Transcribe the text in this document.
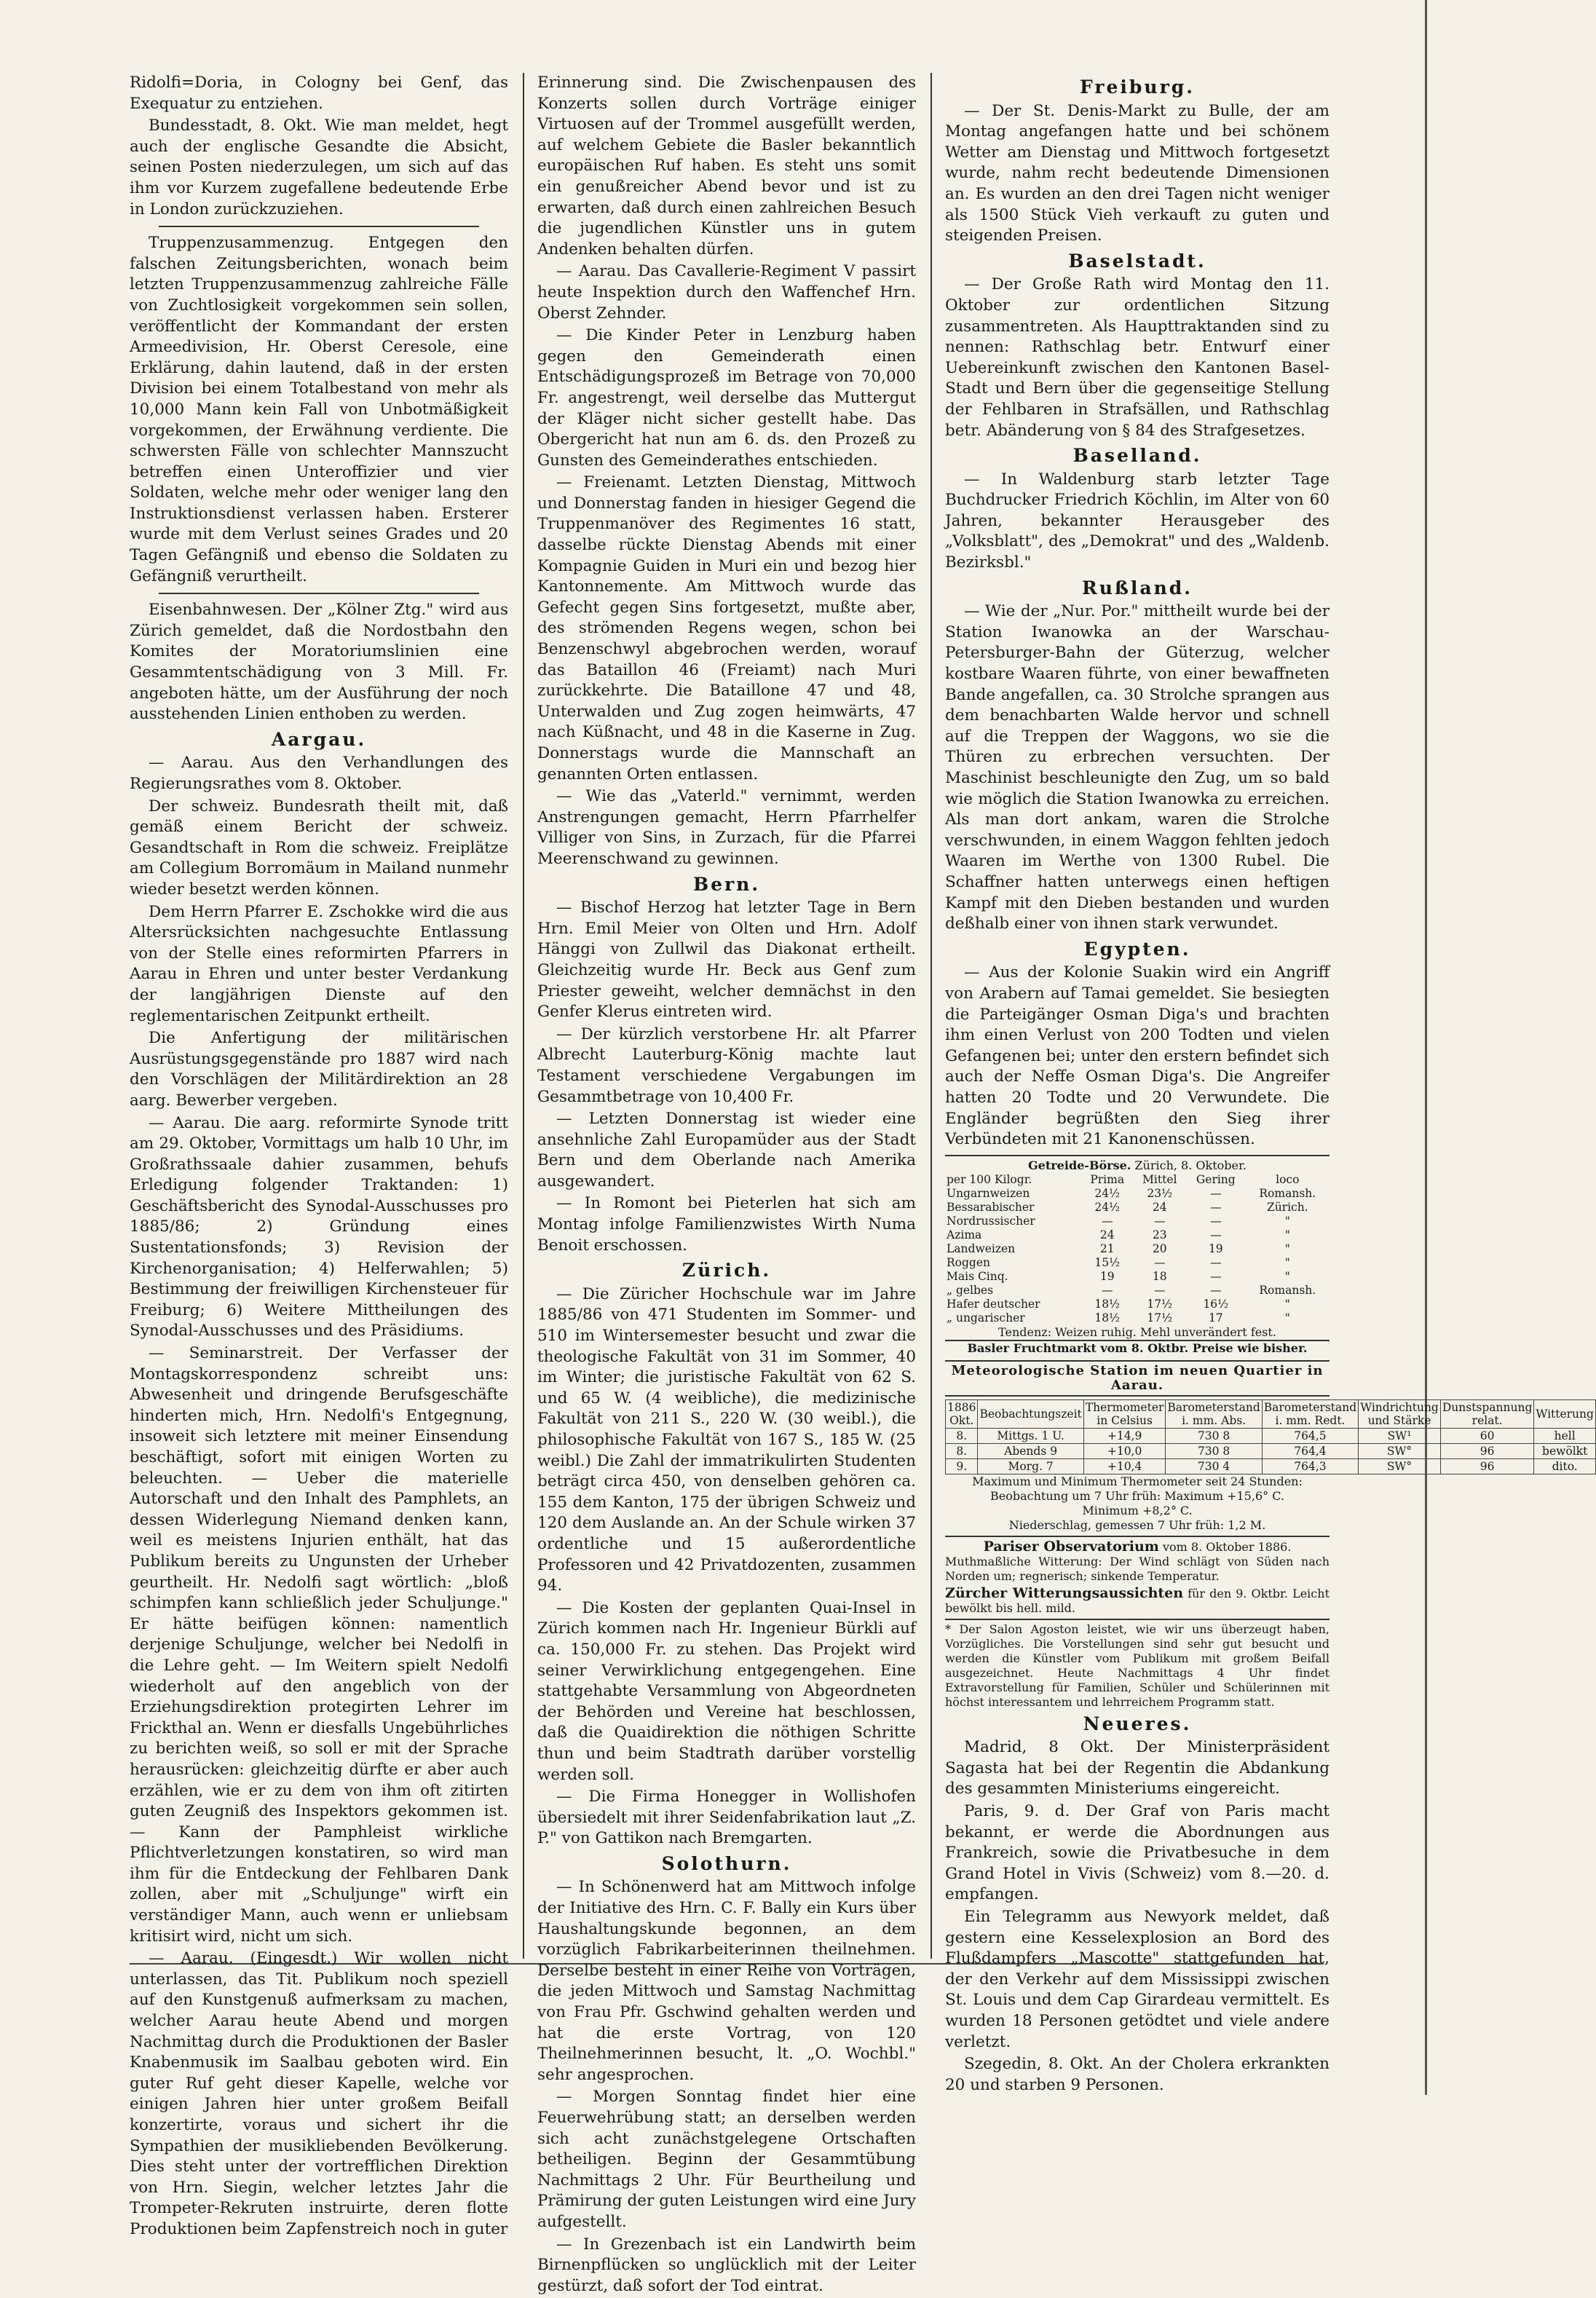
Ridolfi=Doria, in Cologny bei Genf, das Exequatur zu entziehen.

Bundesstadt, 8. Okt. Wie man meldet, hegt auch der englische Gesandte die Absicht, seinen Posten niederzulegen, um sich auf das ihm vor Kurzem zugefallene bedeutende Erbe in London zurückzuziehen.

Truppenzusammenzug. Entgegen den falschen Zeitungsberichten, wonach beim letzten Truppenzusammenzug zahlreiche Fälle von Zuchtlosigkeit vorgekommen sein sollen, veröffentlicht der Kommandant der ersten Armeedivision, Hr. Oberst Ceresole, eine Erklärung, dahin lautend, daß in der ersten Division bei einem Totalbestand von mehr als 10,000 Mann kein Fall von Unbotmäßigkeit vorgekommen, der Erwähnung verdiente. Die schwersten Fälle von schlechter Mannszucht betreffen einen Unteroffizier und vier Soldaten, welche mehr oder weniger lang den Instruktionsdienst verlassen haben. Ersterer wurde mit dem Verlust seines Grades und 20 Tagen Gefängniß und ebenso die Soldaten zu Gefängniß verurtheilt.

Eisenbahnwesen. Der „Kölner Ztg." wird aus Zürich gemeldet, daß die Nordostbahn den Komites der Moratoriumslinien eine Gesammtentschädigung von 3 Mill. Fr. angeboten hätte, um der Ausführung der noch ausstehenden Linien enthoben zu werden.

Aargau.

— Aarau. Aus den Verhandlungen des Regierungsrathes vom 8. Oktober.

Der schweiz. Bundesrath theilt mit, daß gemäß einem Bericht der schweiz. Gesandtschaft in Rom die schweiz. Freiplätze am Collegium Borromäum in Mailand nunmehr wieder besetzt werden können.

Dem Herrn Pfarrer E. Zschokke wird die aus Altersrücksichten nachgesuchte Entlassung von der Stelle eines reformirten Pfarrers in Aarau in Ehren und unter bester Verdankung der langjährigen Dienste auf den reglementarischen Zeitpunkt ertheilt.

Die Anfertigung der militärischen Ausrüstungsgegenstände pro 1887 wird nach den Vorschlägen der Militärdirektion an 28 aarg. Bewerber vergeben.

— Aarau. Die aarg. reformirte Synode tritt am 29. Oktober, Vormittags um halb 10 Uhr, im Großrathssaale dahier zusammen, behufs Erledigung folgender Traktanden: 1) Geschäftsbericht des Synodal-Ausschusses pro 1885/86; 2) Gründung eines Sustentationsfonds; 3) Revision der Kirchenorganisation; 4) Helferwahlen; 5) Bestimmung der freiwilligen Kirchensteuer für Freiburg; 6) Weitere Mittheilungen des Synodal-Ausschusses und des Präsidiums.

— Seminarstreit. Der Verfasser der Montagskorrespondenz schreibt uns: Abwesenheit und dringende Berufsgeschäfte hinderten mich, Hrn. Nedolfi's Entgegnung, insoweit sich letztere mit meiner Einsendung beschäftigt, sofort mit einigen Worten zu beleuchten. — Ueber die materielle Autorschaft und den Inhalt des Pamphlets, an dessen Widerlegung Niemand denken kann, weil es meistens Injurien enthält, hat das Publikum bereits zu Ungunsten der Urheber geurtheilt. Hr. Nedolfi sagt wörtlich: „bloß schimpfen kann schließlich jeder Schuljunge." Er hätte beifügen können: namentlich derjenige Schuljunge, welcher bei Nedolfi in die Lehre geht. — Im Weitern spielt Nedolfi wiederholt auf den angeblich von der Erziehungsdirektion protegirten Lehrer im Frickthal an. Wenn er diesfalls Ungebührliches zu berichten weiß, so soll er mit der Sprache herausrücken: gleichzeitig dürfte er aber auch erzählen, wie er zu dem von ihm oft zitirten guten Zeugniß des Inspektors gekommen ist. — Kann der Pamphleist wirkliche Pflichtverletzungen konstatiren, so wird man ihm für die Entdeckung der Fehlbaren Dank zollen, aber mit „Schuljunge" wirft ein verständiger Mann, auch wenn er unliebsam kritisirt wird, nicht um sich.

— Aarau. (Eingesdt.) Wir wollen nicht unterlassen, das Tit. Publikum noch speziell auf den Kunstgenuß aufmerksam zu machen, welcher Aarau heute Abend und morgen Nachmittag durch die Produktionen der Basler Knabenmusik im Saalbau geboten wird. Ein guter Ruf geht dieser Kapelle, welche vor einigen Jahren hier unter großem Beifall konzertirte, voraus und sichert ihr die Sympathien der musikliebenden Bevölkerung. Dies steht unter der vortrefflichen Direktion von Hrn. Siegin, welcher letztes Jahr die Trompeter-Rekruten instruirte, deren flotte Produktionen beim Zapfenstreich noch in guter

Erinnerung sind. Die Zwischenpausen des Konzerts sollen durch Vorträge einiger Virtuosen auf der Trommel ausgefüllt werden, auf welchem Gebiete die Basler bekanntlich europäischen Ruf haben. Es steht uns somit ein genußreicher Abend bevor und ist zu erwarten, daß durch einen zahlreichen Besuch die jugendlichen Künstler uns in gutem Andenken behalten dürfen.

— Aarau. Das Cavallerie-Regiment V passirt heute Inspektion durch den Waffenchef Hrn. Oberst Zehnder.

— Die Kinder Peter in Lenzburg haben gegen den Gemeinderath einen Entschädigungsprozeß im Betrage von 70,000 Fr. angestrengt, weil derselbe das Muttergut der Kläger nicht sicher gestellt habe. Das Obergericht hat nun am 6. ds. den Prozeß zu Gunsten des Gemeinderathes entschieden.

— Freienamt. Letzten Dienstag, Mittwoch und Donnerstag fanden in hiesiger Gegend die Truppenmanöver des Regimentes 16 statt, dasselbe rückte Dienstag Abends mit einer Kompagnie Guiden in Muri ein und bezog hier Kantonnemente. Am Mittwoch wurde das Gefecht gegen Sins fortgesetzt, mußte aber, des strömenden Regens wegen, schon bei Benzenschwyl abgebrochen werden, worauf das Bataillon 46 (Freiamt) nach Muri zurückkehrte. Die Bataillone 47 und 48, Unterwalden und Zug zogen heimwärts, 47 nach Küßnacht, und 48 in die Kaserne in Zug. Donnerstags wurde die Mannschaft an genannten Orten entlassen.

— Wie das „Vaterld." vernimmt, werden Anstrengungen gemacht, Herrn Pfarrhelfer Villiger von Sins, in Zurzach, für die Pfarrei Meerenschwand zu gewinnen.

Bern.

— Bischof Herzog hat letzter Tage in Bern Hrn. Emil Meier von Olten und Hrn. Adolf Hänggi von Zullwil das Diakonat ertheilt. Gleichzeitig wurde Hr. Beck aus Genf zum Priester geweiht, welcher demnächst in den Genfer Klerus eintreten wird.

— Der kürzlich verstorbene Hr. alt Pfarrer Albrecht Lauterburg-König machte laut Testament verschiedene Vergabungen im Gesammtbetrage von 10,400 Fr.

— Letzten Donnerstag ist wieder eine ansehnliche Zahl Europamüder aus der Stadt Bern und dem Oberlande nach Amerika ausgewandert.

— In Romont bei Pieterlen hat sich am Montag infolge Familienzwistes Wirth Numa Benoit erschossen.

Zürich.

— Die Züricher Hochschule war im Jahre 1885/86 von 471 Studenten im Sommer- und 510 im Wintersemester besucht und zwar die theologische Fakultät von 31 im Sommer, 40 im Winter; die juristische Fakultät von 62 S. und 65 W. (4 weibliche), die medizinische Fakultät von 211 S., 220 W. (30 weibl.), die philosophische Fakultät von 167 S., 185 W. (25 weibl.) Die Zahl der immatrikulirten Studenten beträgt circa 450, von denselben gehören ca. 155 dem Kanton, 175 der übrigen Schweiz und 120 dem Auslande an. An der Schule wirken 37 ordentliche und 15 außerordentliche Professoren und 42 Privatdozenten, zusammen 94.

— Die Kosten der geplanten Quai-Insel in Zürich kommen nach Hr. Ingenieur Bürkli auf ca. 150,000 Fr. zu stehen. Das Projekt wird seiner Verwirklichung entgegengehen. Eine stattgehabte Versammlung von Abgeordneten der Behörden und Vereine hat beschlossen, daß die Quaidirektion die nöthigen Schritte thun und beim Stadtrath darüber vorstellig werden soll.

— Die Firma Honegger in Wollishofen übersiedelt mit ihrer Seidenfabrikation laut „Z. P." von Gattikon nach Bremgarten.

Solothurn.

— In Schönenwerd hat am Mittwoch infolge der Initiative des Hrn. C. F. Bally ein Kurs über Haushaltungskunde begonnen, an dem vorzüglich Fabrikarbeiterinnen theilnehmen. Derselbe besteht in einer Reihe von Vorträgen, die jeden Mittwoch und Samstag Nachmittag von Frau Pfr. Gschwind gehalten werden und hat die erste Vortrag, von 120 Theilnehmerinnen besucht, lt. „O. Wochbl." sehr angesprochen.

— Morgen Sonntag findet hier eine Feuerwehrübung statt; an derselben werden sich acht zunächstgelegene Ortschaften betheiligen. Beginn der Gesammtübung Nachmittags 2 Uhr. Für Beurtheilung und Prämirung der guten Leistungen wird eine Jury aufgestellt.

— In Grezenbach ist ein Landwirth beim Birnenpflücken so unglücklich mit der Leiter gestürzt, daß sofort der Tod eintrat.

Freiburg.

— Der St. Denis-Markt zu Bulle, der am Montag angefangen hatte und bei schönem Wetter am Dienstag und Mittwoch fortgesetzt wurde, nahm recht bedeutende Dimensionen an. Es wurden an den drei Tagen nicht weniger als 1500 Stück Vieh verkauft zu guten und steigenden Preisen.

Baselstadt.

— Der Große Rath wird Montag den 11. Oktober zur ordentlichen Sitzung zusammentreten. Als Haupttraktanden sind zu nennen: Rathschlag betr. Entwurf einer Uebereinkunft zwischen den Kantonen Basel-Stadt und Bern über die gegenseitige Stellung der Fehlbaren in Strafsällen, und Rathschlag betr. Abänderung von § 84 des Strafgesetzes.

Baselland.

— In Waldenburg starb letzter Tage Buchdrucker Friedrich Köchlin, im Alter von 60 Jahren, bekannter Herausgeber des „Volksblatt", des „Demokrat" und des „Waldenb. Bezirksbl."

Rußland.

— Wie der „Nur. Por." mittheilt wurde bei der Station Iwanowka an der Warschau-Petersburger-Bahn der Güterzug, welcher kostbare Waaren führte, von einer bewaffneten Bande angefallen, ca. 30 Strolche sprangen aus dem benachbarten Walde hervor und schnell auf die Treppen der Waggons, wo sie die Thüren zu erbrechen versuchten. Der Maschinist beschleunigte den Zug, um so bald wie möglich die Station Iwanowka zu erreichen. Als man dort ankam, waren die Strolche verschwunden, in einem Waggon fehlten jedoch Waaren im Werthe von 1300 Rubel. Die Schaffner hatten unterwegs einen heftigen Kampf mit den Dieben bestanden und wurden deßhalb einer von ihnen stark verwundet.

Egypten.

— Aus der Kolonie Suakin wird ein Angriff von Arabern auf Tamai gemeldet. Sie besiegten die Parteigänger Osman Diga's und brachten ihm einen Verlust von 200 Todten und vielen Gefangenen bei; unter den erstern befindet sich auch der Neffe Osman Diga's. Die Angreifer hatten 20 Todte und 20 Verwundete. Die Engländer begrüßten den Sieg ihrer Verbündeten mit 21 Kanonenschüssen.

Getreide-Börse. Zürich, 8. Oktober.
per 100 Kilogr.	Prima	Mittel	Gering	loco
Ungarnweizen	24½	23½	—	Romansh.
Bessarabischer	24½	24	—	Zürich.
Nordrussischer	—	—	—	"
Azima	24	23	—	"
Landweizen	21	20	19	"
Roggen	15½	—	—	"
Mais Cinq.	19	18	—	"
„ gelbes	—	—	—	Romansh.
Hafer deutscher	18½	17½	16½	"
„ ungarischer	18½	17½	17	"
Tendenz: Weizen ruhig. Mehl unverändert fest.
Basler Fruchtmarkt vom 8. Oktbr. Preise wie bisher.
Meteorologische Station im neuen Quartier in Aarau.
1886 Okt.	Beobachtungszeit	Thermometer in Celsius	Barometerstand i. mm. Abs.	Barometerstand i. mm. Redt.	Windrichtung und Stärke	Dunstspannung relat.	Witterung
8.	Mittgs. 1 U.	+14,9	730 8	764,5	SW¹	60	hell
8.	Abends 9	+10,0	730 8	764,4	SW°	96	bewölkt
9.	Morg. 7	+10,4	730 4	764,3	SW°	96	dito.
Maximum und Minimum Thermometer seit 24 Stunden:
Beobachtung um 7 Uhr früh: Maximum +15,6° C.
Minimum +8,2° C.
Niederschlag, gemessen 7 Uhr früh: 1,2 M.
Pariser Observatorium vom 8. Oktober 1886.
Muthmaßliche Witterung: Der Wind schlägt von Süden nach Norden um; regnerisch; sinkende Temperatur.
Zürcher Witterungsaussichten für den 9. Oktbr. Leicht bewölkt bis hell. mild.
* Der Salon Agoston leistet, wie wir uns überzeugt haben, Vorzügliches. Die Vorstellungen sind sehr gut besucht und werden die Künstler vom Publikum mit großem Beifall ausgezeichnet. Heute Nachmittags 4 Uhr findet Extravorstellung für Familien, Schüler und Schülerinnen mit höchst interessantem und lehrreichem Programm statt.
Neueres.

Madrid, 8 Okt. Der Ministerpräsident Sagasta hat bei der Regentin die Abdankung des gesammten Ministeriums eingereicht.

Paris, 9. d. Der Graf von Paris macht bekannt, er werde die Abordnungen aus Frankreich, sowie die Privatbesuche in dem Grand Hotel in Vivis (Schweiz) vom 8.—20. d. empfangen.

Ein Telegramm aus Newyork meldet, daß gestern eine Kesselexplosion an Bord des Flußdampfers „Mascotte" stattgefunden hat, der den Verkehr auf dem Mississippi zwischen St. Louis und dem Cap Girardeau vermittelt. Es wurden 18 Personen getödtet und viele andere verletzt.

Szegedin, 8. Okt. An der Cholera erkrankten 20 und starben 9 Personen.
